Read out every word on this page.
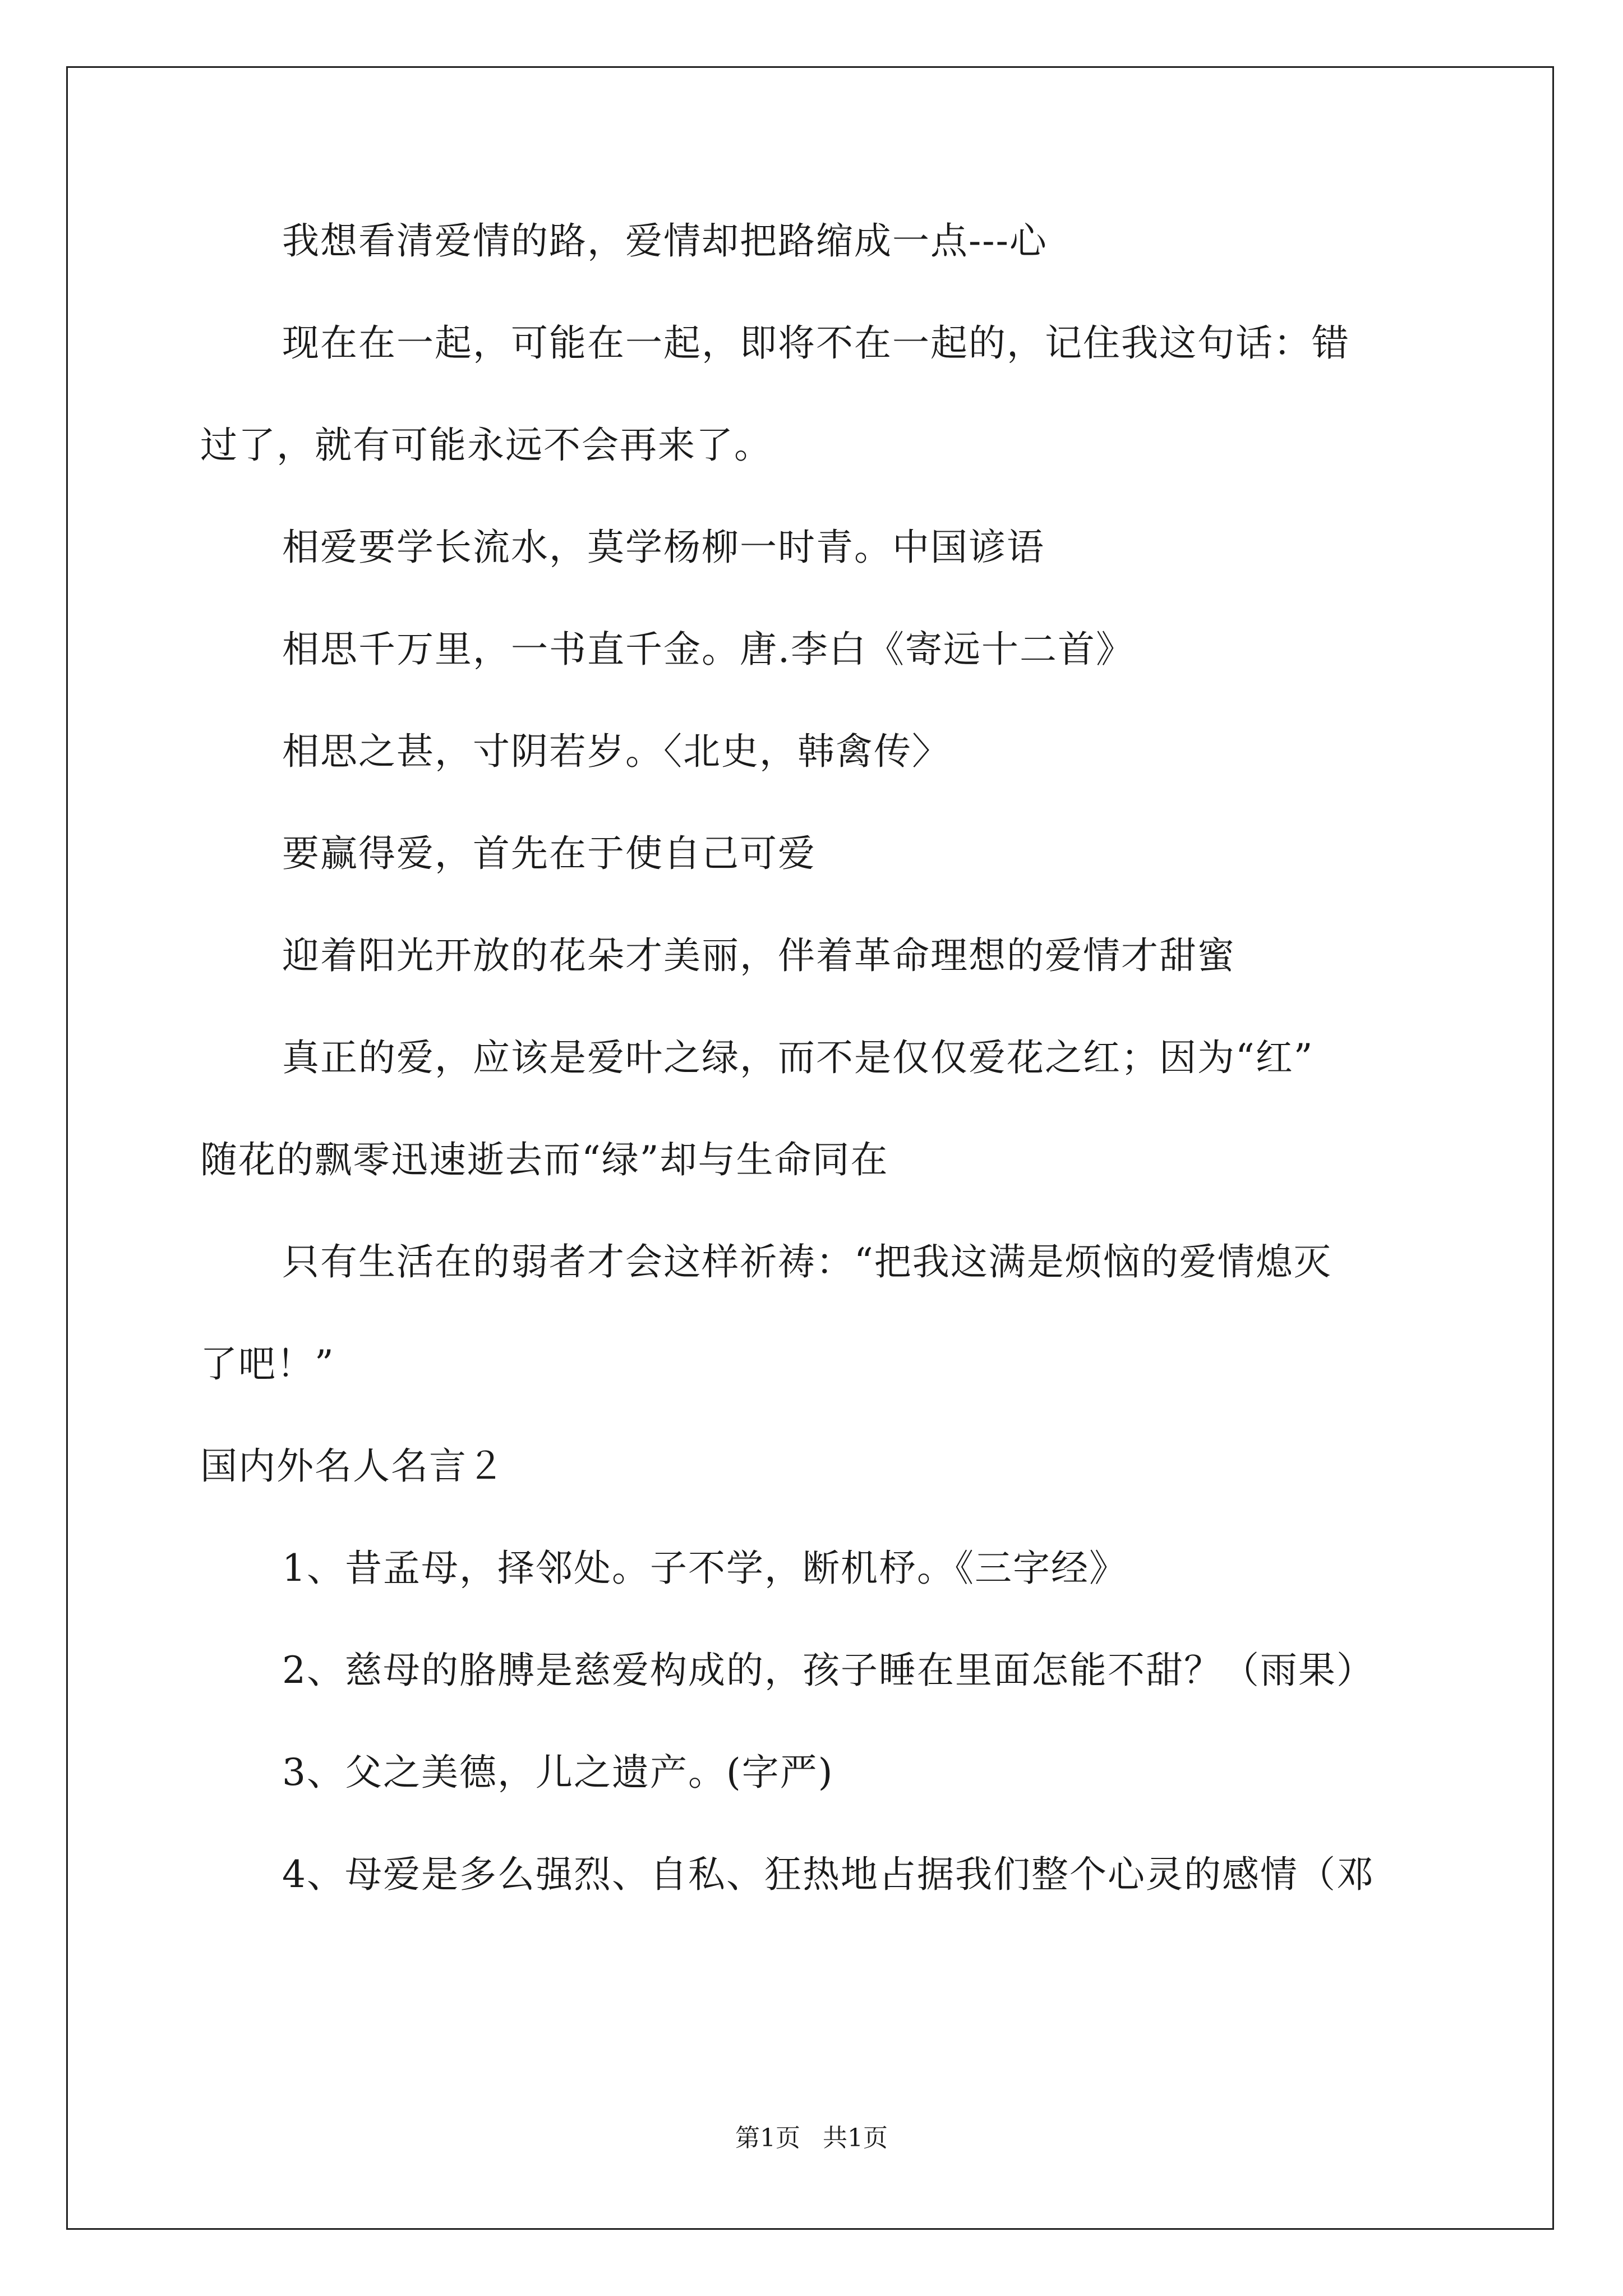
我想看清爱情的路，爱情却把路缩成一点---心

现在在一起，可能在一起，即将不在一起的，记住我这句话：错

过了，就有可能永远不会再来了。

相爱要学长流水，莫学杨柳一时青。中国谚语

相思千万里，一书直千金。唐.李白《寄远十二首》

相思之甚，寸阴若岁。〈北史，韩禽传〉

要赢得爱，首先在于使自己可爱

迎着阳光开放的花朵才美丽，伴着革命理想的爱情才甜蜜

真正的爱，应该是爱叶之绿，而不是仅仅爱花之红；因为“红”

随花的飘零迅速逝去而“绿”却与生命同在

只有生活在的弱者才会这样祈祷：“把我这满是烦恼的爱情熄灭

了吧！”

国内外名人名言２

1、昔孟母，择邻处。子不学，断机杼。《三字经》

2、慈母的胳膊是慈爱构成的，孩子睡在里面怎能不甜？（雨果）

3、父之美德，儿之遗产。(字严)

4、母爱是多么强烈、自私、狂热地占据我们整个心灵的感情（邓

第1页 共1页
